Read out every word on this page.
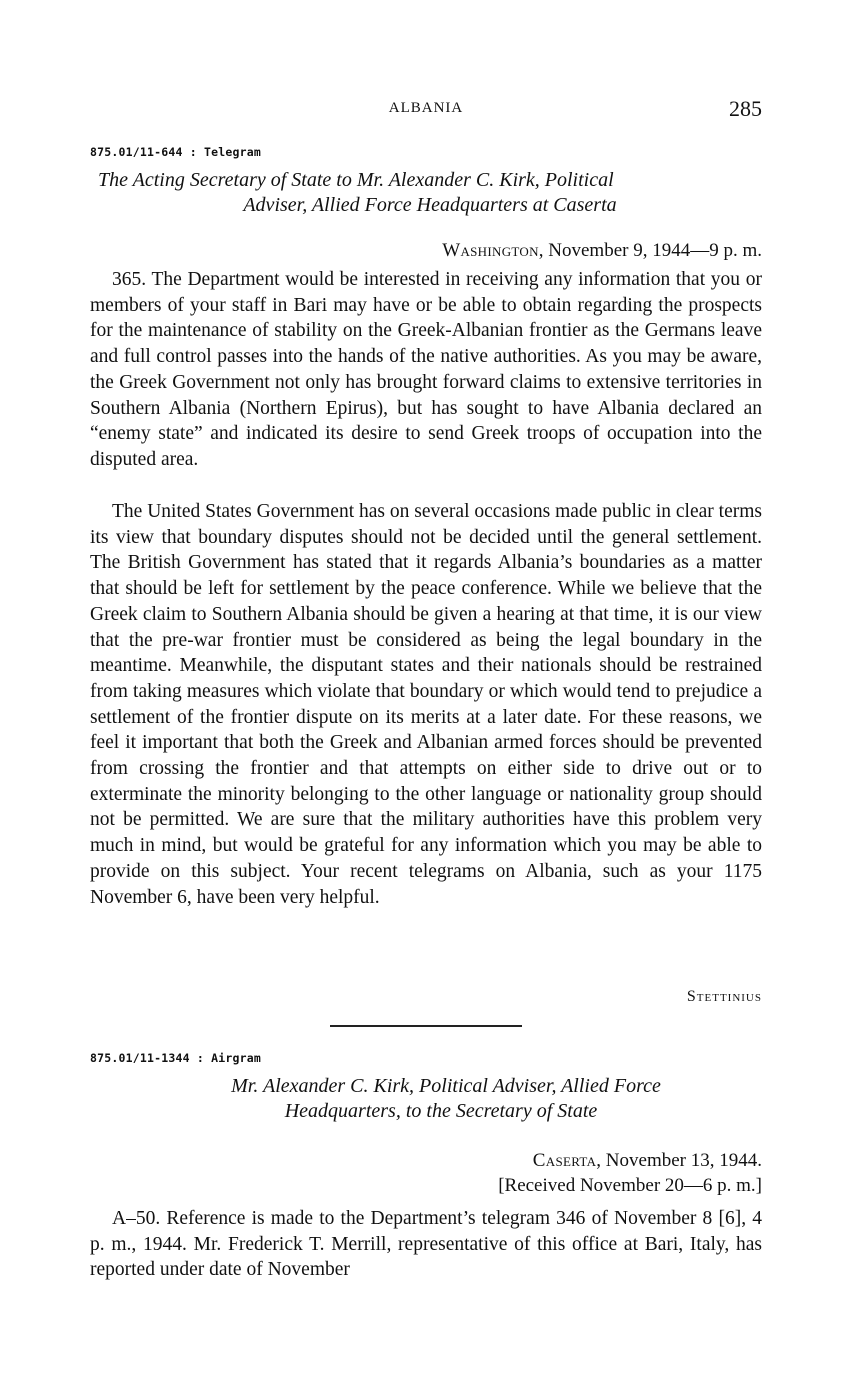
ALBANIA	285
875.01/11-644 : Telegram
The Acting Secretary of State to Mr. Alexander C. Kirk, Political
Adviser, Allied Force Headquarters at Caserta
Washington, November 9, 1944—9 p. m.

365. The Department would be interested in receiving any information that you or members of your staff in Bari may have or be able to obtain regarding the prospects for the maintenance of stability on the Greek-Albanian frontier as the Germans leave and full control passes into the hands of the native authorities. As you may be aware, the Greek Government not only has brought forward claims to extensive territories in Southern Albania (Northern Epirus), but has sought to have Albania declared an “enemy state” and indicated its desire to send Greek troops of occupation into the disputed area.

The United States Government has on several occasions made public in clear terms its view that boundary disputes should not be decided until the general settlement. The British Government has stated that it regards Albania’s boundaries as a matter that should be left for settlement by the peace conference. While we believe that the Greek claim to Southern Albania should be given a hearing at that time, it is our view that the pre-war frontier must be considered as being the legal boundary in the meantime. Meanwhile, the disputant states and their nationals should be restrained from taking measures which violate that boundary or which would tend to prejudice a settlement of the frontier dispute on its merits at a later date. For these reasons, we feel it important that both the Greek and Albanian armed forces should be prevented from crossing the frontier and that attempts on either side to drive out or to exterminate the minority belonging to the other language or nationality group should not be permitted. We are sure that the military authorities have this problem very much in mind, but would be grateful for any information which you may be able to provide on this subject. Your recent telegrams on Albania, such as your 1175 November 6, have been very helpful.

Stettinius
875.01/11-1344 : Airgram
Mr. Alexander C. Kirk, Political Adviser, Allied Force
Headquarters, to the Secretary of State
Caserta, November 13, 1944.
[Received November 20—6 p. m.]

A–50. Reference is made to the Department’s telegram 346 of November 8 [6], 4 p. m., 1944. Mr. Frederick T. Merrill, representative of this office at Bari, Italy, has reported under date of November
